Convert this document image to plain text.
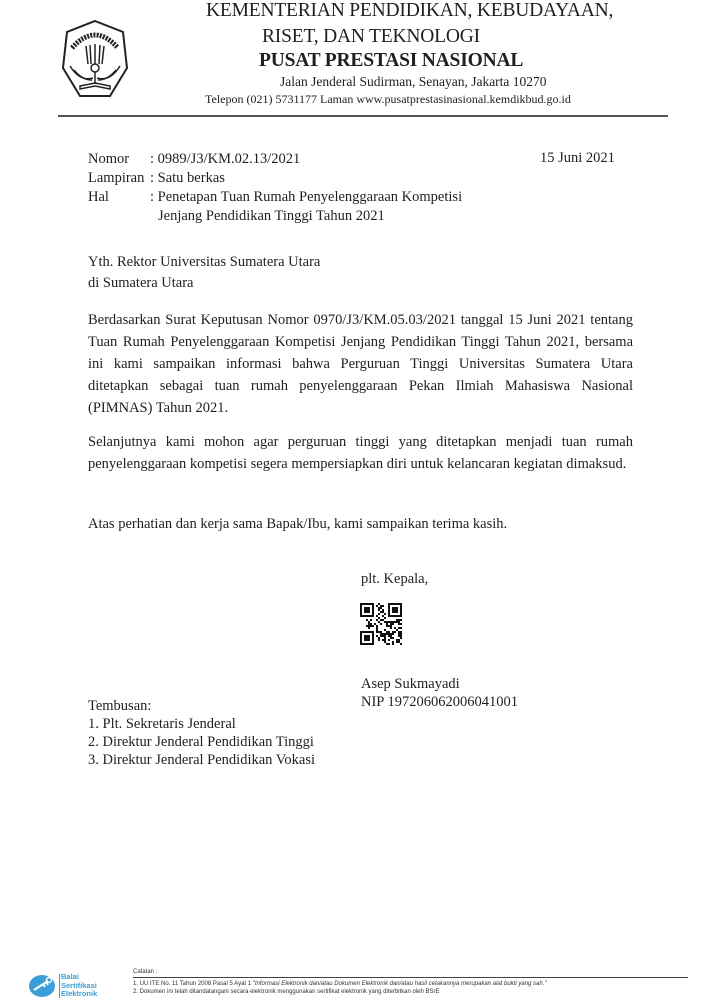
KEMENTERIAN PENDIDIKAN, KEBUDAYAAN,
RISET, DAN TEKNOLOGI
PUSAT PRESTASI NASIONAL
Jalan Jenderal Sudirman, Senayan, Jakarta 10270
Telepon (021) 5731177 Laman www.pusatprestasinasional.kemdikbud.go.id
Nomor : 0989/J3/KM.02.13/2021
Lampiran : Satu berkas
Hal	: Penetapan Tuan Rumah Penyelenggaraan Kompetisi
Jenjang Pendidikan Tinggi Tahun 2021
15 Juni 2021
Yth. Rektor Universitas Sumatera Utara
di Sumatera Utara
Berdasarkan Surat Keputusan Nomor 0970/J3/KM.05.03/2021 tanggal 15 Juni 2021 tentang Tuan Rumah Penyelenggaraan Kompetisi Jenjang Pendidikan Tinggi Tahun 2021, bersama ini kami sampaikan informasi bahwa Perguruan Tinggi Universitas Sumatera Utara ditetapkan sebagai tuan rumah penyelenggaraan Pekan Ilmiah Mahasiswa Nasional (PIMNAS) Tahun 2021.
Selanjutnya kami mohon agar perguruan tinggi yang ditetapkan menjadi tuan rumah penyelenggaraan kompetisi segera mempersiapkan diri untuk kelancaran kegiatan dimaksud.
Atas perhatian dan kerja sama Bapak/Ibu, kami sampaikan terima kasih.
plt. Kepala,
Asep Sukmayadi
NIP 197206062006041001
Tembusan:
1. Plt. Sekretaris Jenderal
2. Direktur Jenderal Pendidikan Tinggi
3. Direktur Jenderal Pendidikan Vokasi
Balai
Sertifikasi
Elektronik
Catatan :
1. UU ITE No. 11 Tahun 2008 Pasal 5 Ayat 1 "Informasi Elektronik dan/atau Dokumen Elektronik dan/atau hasil cetakannya merupakan alat bukti yang sah."
2. Dokumen ini telah ditandatangani secara elektronik menggunakan sertifikat elektronik yang diterbitkan oleh BSrE
